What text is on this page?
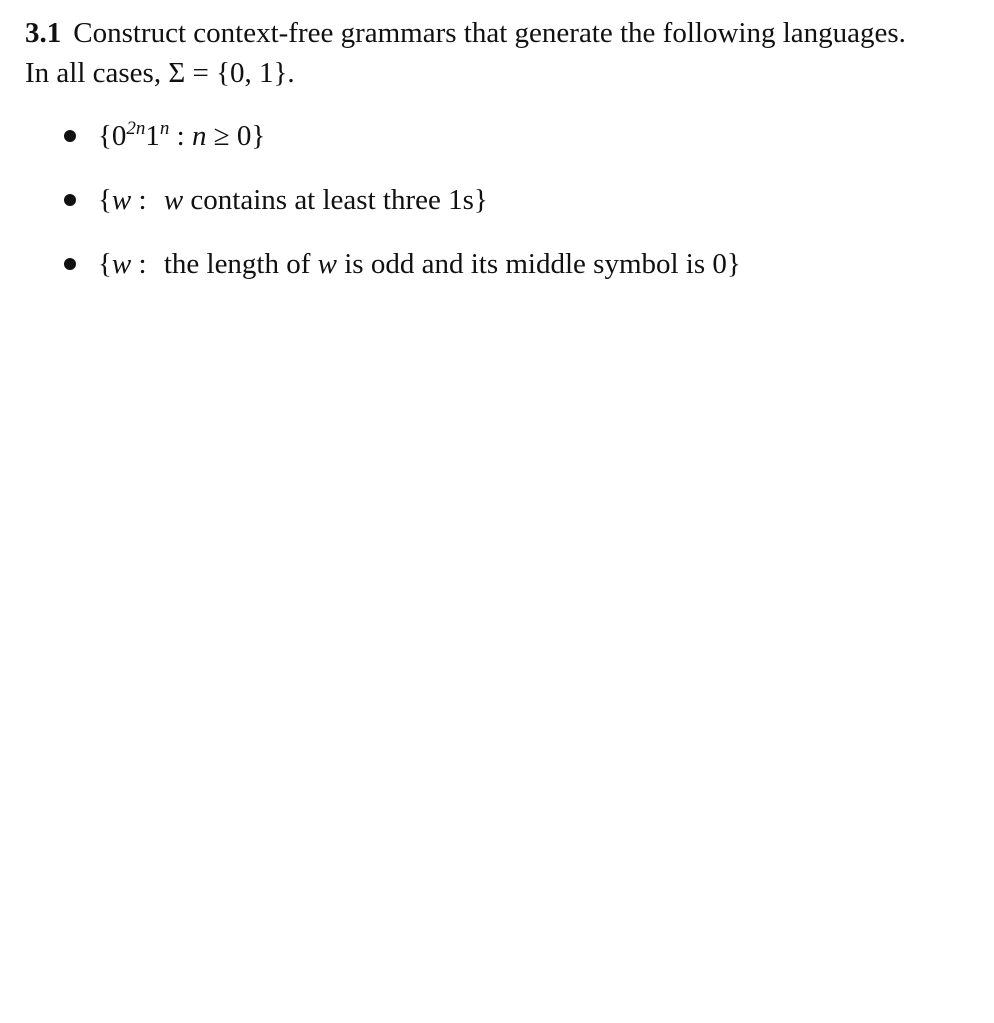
3.1 Construct context-free grammars that generate the following languages.
In all cases, Σ = {0, 1}.
{$0^{2n}1^n$ : n ≥ 0}
{w : w contains at least three 1s}
{w : the length of w is odd and its middle symbol is 0}
